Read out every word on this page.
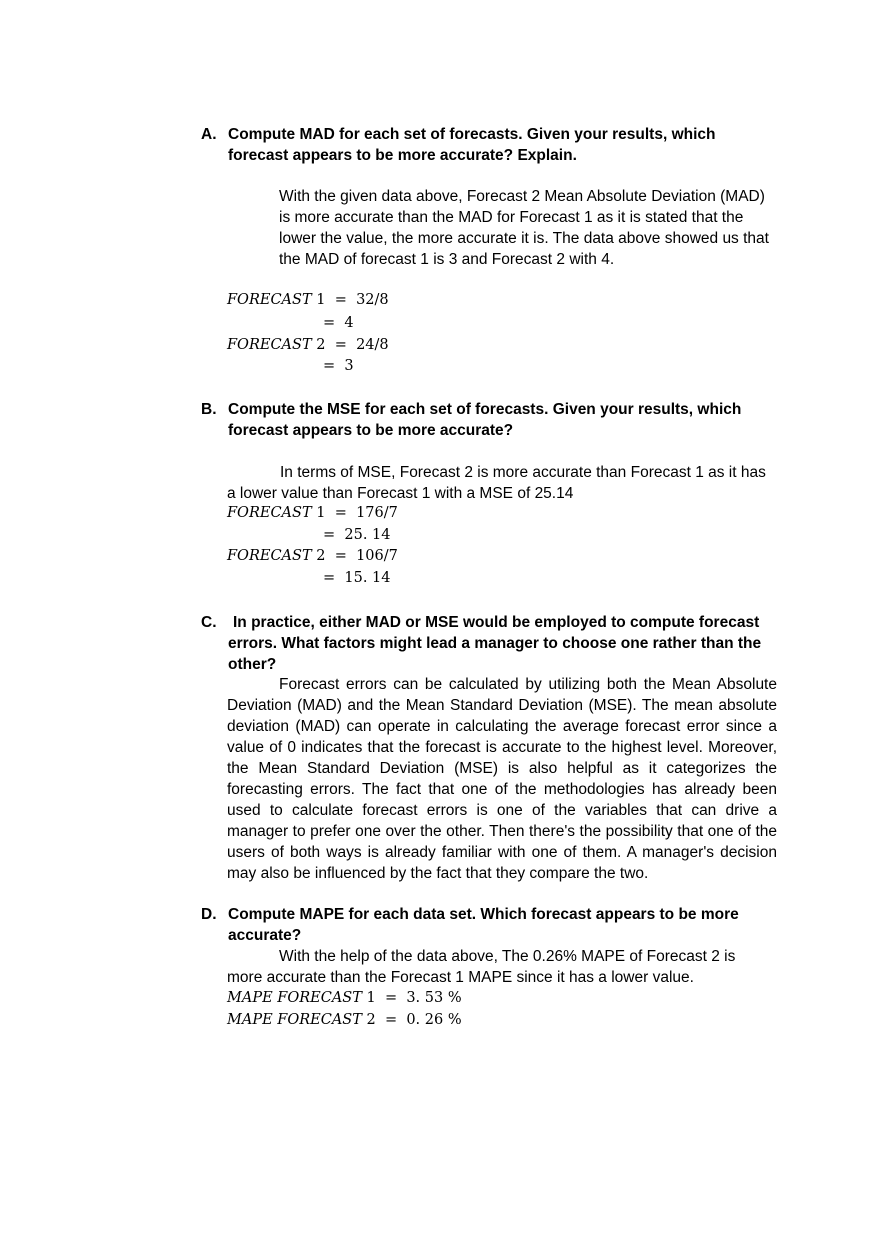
A. Compute MAD for each set of forecasts. Given your results, which
forecast appears to be more accurate? Explain.
With the given data above, Forecast 2 Mean Absolute Deviation (MAD) is more accurate than the MAD for Forecast 1 as it is stated that the lower the value, the more accurate it is. The data above showed us that the MAD of forecast 1 is 3 and Forecast 2 with 4.
FORECAST 1 = 32/8
= 4
FORECAST 2 = 24/8
= 3
B. Compute the MSE for each set of forecasts. Given your results, which
forecast appears to be more accurate?
In terms of MSE, Forecast 2 is more accurate than Forecast 1 as it has
a lower value than Forecast 1 with a MSE of 25.14
FORECAST 1 = 176/7
= 25. 14
FORECAST 2 = 106/7
= 15. 14
C. In practice, either MAD or MSE would be employed to compute forecast
errors. What factors might lead a manager to choose one rather than the
other?
Forecast errors can be calculated by utilizing both the Mean Absolute Deviation (MAD) and the Mean Standard Deviation (MSE). The mean absolute deviation (MAD) can operate in calculating the average forecast error since a value of 0 indicates that the forecast is accurate to the highest level. Moreover, the Mean Standard Deviation (MSE) is also helpful as it categorizes the forecasting errors. The fact that one of the methodologies has already been used to calculate forecast errors is one of the variables that can drive a manager to prefer one over the other. Then there's the possibility that one of the users of both ways is already familiar with one of them. A manager's decision may also be influenced by the fact that they compare the two.
D. Compute MAPE for each data set. Which forecast appears to be more
accurate?
With the help of the data above, The 0.26% MAPE of Forecast 2 is
more accurate than the Forecast 1 MAPE since it has a lower value.
MAPE FORECAST 1 = 3. 53 %
MAPE FORECAST 2 = 0. 26 %
